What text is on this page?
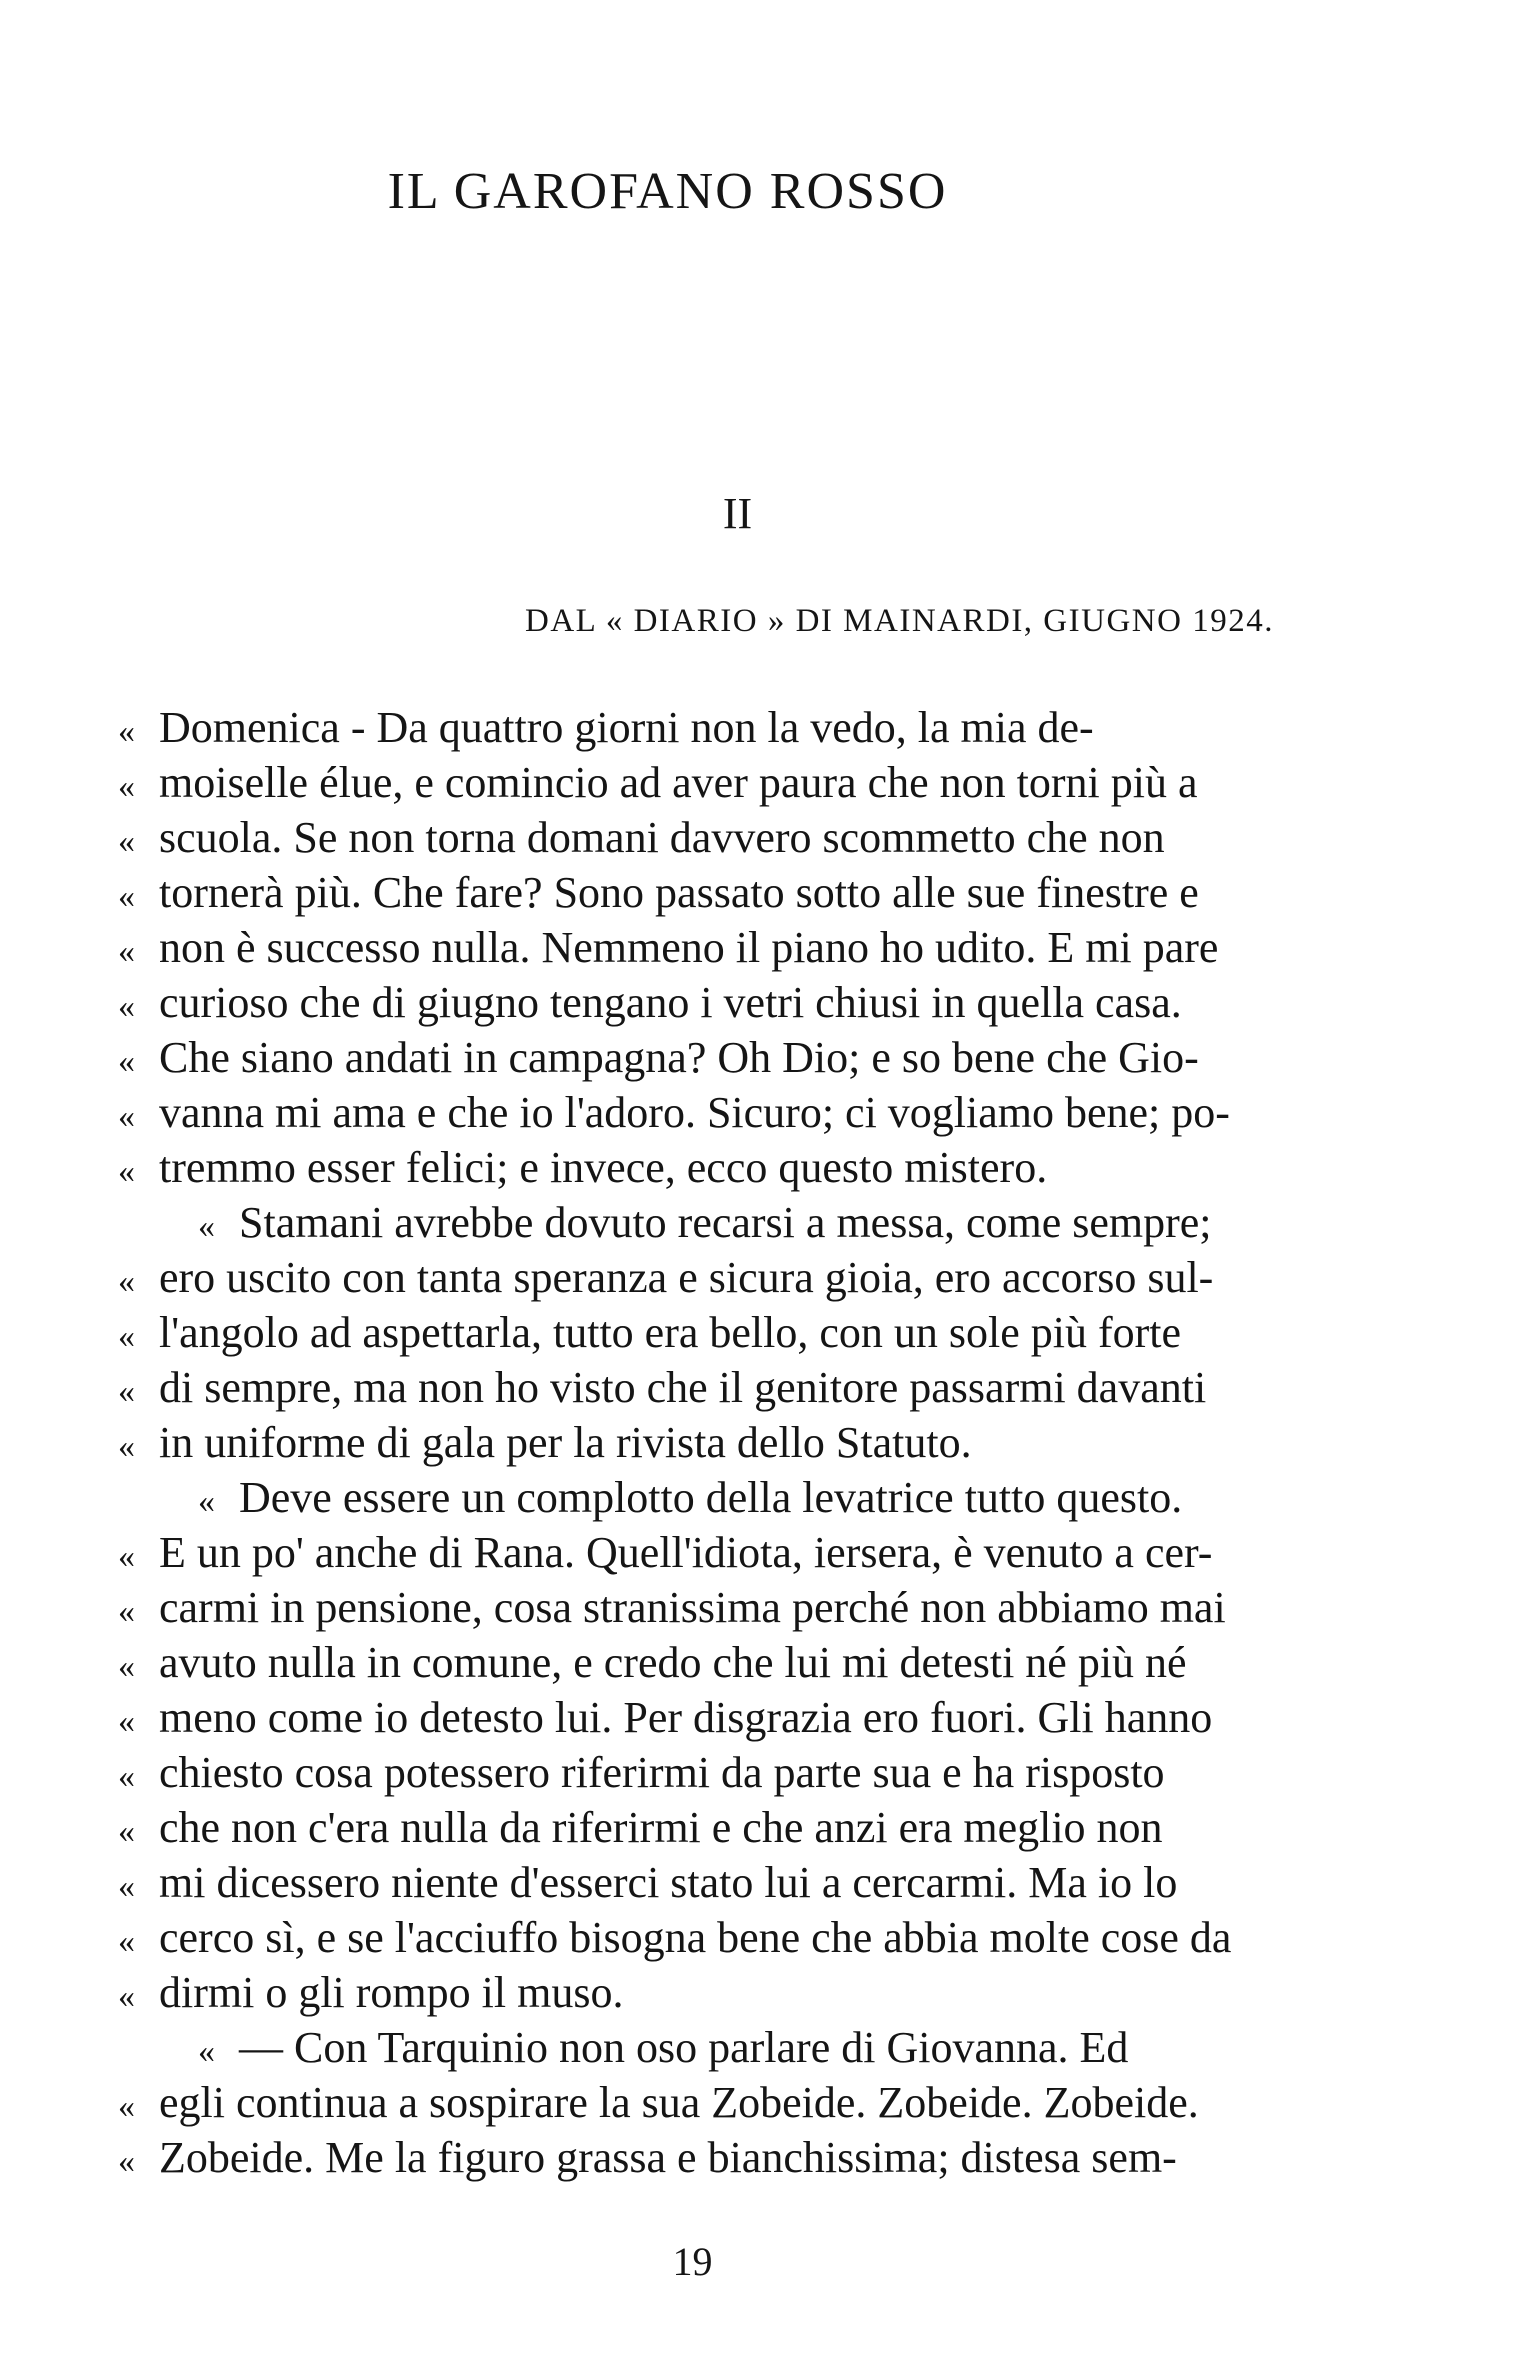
IL GAROFANO ROSSO
II
DAL « DIARIO » DI MAINARDI, GIUGNO 1924.
« Domenica - Da quattro giorni non la vedo, la mia de-
« moiselle élue, e comincio ad aver paura che non torni più a
« scuola. Se non torna domani davvero scommetto che non
« tornerà più. Che fare? Sono passato sotto alle sue finestre e
« non è successo nulla. Nemmeno il piano ho udito. E mi pare
« curioso che di giugno tengano i vetri chiusi in quella casa.
« Che siano andati in campagna? Oh Dio; e so bene che Gio-
« vanna mi ama e che io l'adoro. Sicuro; ci vogliamo bene; po-
« tremmo esser felici; e invece, ecco questo mistero.
« Stamani avrebbe dovuto recarsi a messa, come sempre;
« ero uscito con tanta speranza e sicura gioia, ero accorso sul-
« l'angolo ad aspettarla, tutto era bello, con un sole più forte
« di sempre, ma non ho visto che il genitore passarmi davanti
« in uniforme di gala per la rivista dello Statuto.
« Deve essere un complotto della levatrice tutto questo.
« E un po' anche di Rana. Quell'idiota, iersera, è venuto a cer-
« carmi in pensione, cosa stranissima perché non abbiamo mai
« avuto nulla in comune, e credo che lui mi detesti né più né
« meno come io detesto lui. Per disgrazia ero fuori. Gli hanno
« chiesto cosa potessero riferirmi da parte sua e ha risposto
« che non c'era nulla da riferirmi e che anzi era meglio non
« mi dicessero niente d'esserci stato lui a cercarmi. Ma io lo
« cerco sì, e se l'acciuffo bisogna bene che abbia molte cose da
« dirmi o gli rompo il muso.
« — Con Tarquinio non oso parlare di Giovanna. Ed
« egli continua a sospirare la sua Zobeide. Zobeide. Zobeide.
« Zobeide. Me la figuro grassa e bianchissima; distesa sem-
19
